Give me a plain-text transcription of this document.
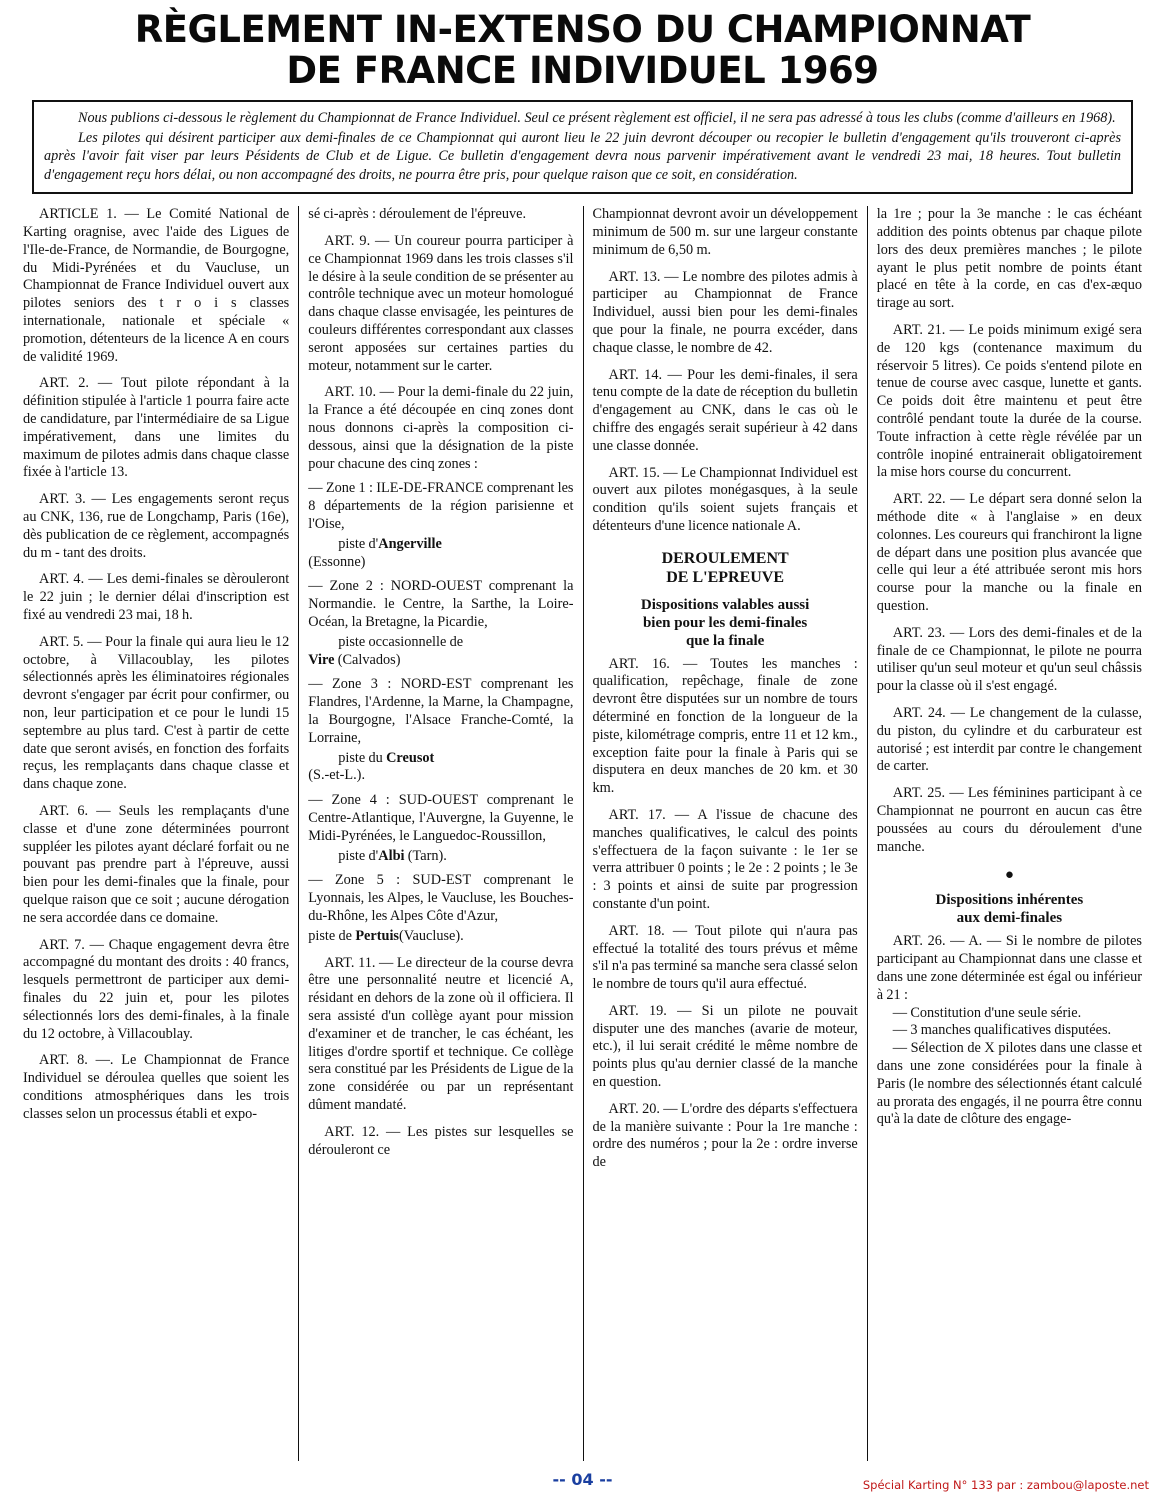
RÈGLEMENT IN-EXTENSO DU CHAMPIONNAT
DE FRANCE INDIVIDUEL 1969

Nous publions ci-dessous le règlement du Championnat de France Individuel. Seul ce présent règlement est officiel, il ne sera pas adressé à tous les clubs (comme d'ailleurs en 1968).

Les pilotes qui désirent participer aux demi-finales de ce Championnat qui auront lieu le 22 juin devront découper ou recopier le bulletin d'engagement qu'ils trouveront ci-après après l'avoir fait viser par leurs Pésidents de Club et de Ligue. Ce bulletin d'engagement devra nous parvenir impérativement avant le vendredi 23 mai, 18 heures. Tout bulletin d'engagement reçu hors délai, ou non accompagné des droits, ne pourra être pris, pour quelque raison que ce soit, en considération.

ARTICLE 1. — Le Comité National de Karting oragnise, avec l'aide des Ligues de l'Ile-de-France, de Normandie, de Bourgogne, du Midi-Pyrénées et du Vaucluse, un Championnat de France Individuel ouvert aux pilotes seniors des t r o i s classes internationale, nationale et spéciale « promotion, détenteurs de la licence A en cours de validité 1969.

ART. 2. — Tout pilote répondant à la définition stipulée à l'article 1 pourra faire acte de candidature, par l'intermédiaire de sa Ligue impérativement, dans une limites du maximum de pilotes admis dans chaque classe fixée à l'article 13.

ART. 3. — Les engagements seront reçus au CNK, 136, rue de Longchamp, Paris (16e), dès publication de ce règlement, accompagnés du m - tant des droits.

ART. 4. — Les demi-finales se dèrouleront le 22 juin ; le dernier délai d'inscription est fixé au vendredi 23 mai, 18 h.

ART. 5. — Pour la finale qui aura lieu le 12 octobre, à Villacoublay, les pilotes sélectionnés après les éliminatoires régionales devront s'engager par écrit pour confirmer, ou non, leur participation et ce pour le lundi 15 septembre au plus tard. C'est à partir de cette date que seront avisés, en fonction des forfaits reçus, les remplaçants dans chaque classe et dans chaque zone.

ART. 6. — Seuls les remplaçants d'une classe et d'une zone déterminées pourront suppléer les pilotes ayant déclaré forfait ou ne pouvant pas prendre part à l'épreuve, aussi bien pour les demi-finales que la finale, pour quelque raison que ce soit ; aucune dérogation ne sera accordée dans ce domaine.

ART. 7. — Chaque engagement devra être accompagné du montant des droits : 40 francs, lesquels permettront de participer aux demi-finales du 22 juin et, pour les pilotes sélectionnés lors des demi-finales, à la finale du 12 octobre, à Villacoublay.

ART. 8. —. Le Championnat de France Individuel se déroulea quelles que soient les conditions atmosphériques dans les trois classes selon un processus établi et expo-

sé ci-après : déroulement de l'épreuve.

ART. 9. — Un coureur pourra participer à ce Championnat 1969 dans les trois classes s'il le désire à la seule condition de se présenter au contrôle technique avec un moteur homologué dans chaque classe envisagée, les peintures de couleurs différentes correspondant aux classes seront apposées sur certaines parties du moteur, notamment sur le carter.

ART. 10. — Pour la demi-finale du 22 juin, la France a été découpée en cinq zones dont nous donnons ci-après la composition ci-dessous, ainsi que la désignation de la piste pour chacune des cinq zones :

— Zone 1 : ILE-DE-FRANCE comprenant les 8 départements de la région parisienne et l'Oise,

piste d'Angerville
(Essonne)

— Zone 2 : NORD-OUEST comprenant la Normandie. le Centre, la Sarthe, la Loire-Océan, la Bretagne, la Picardie,

piste occasionnelle de
Vire (Calvados)

— Zone 3 : NORD-EST comprenant les Flandres, l'Ardenne, la Marne, la Champagne, la Bourgogne, l'Alsace Franche-Comté, la Lorraine,

piste du Creusot
(S.-et-L.).

— Zone 4 : SUD-OUEST comprenant le Centre-Atlantique, l'Auvergne, la Guyenne, le Midi-Pyrénées, le Languedoc-Roussillon,

piste d'Albi (Tarn).

— Zone 5 : SUD-EST comprenant le Lyonnais, les Alpes, le Vaucluse, les Bouches-du-Rhône, les Alpes Côte d'Azur,

piste de Pertuis(Vaucluse).

ART. 11. — Le directeur de la course devra être une personnalité neutre et licencié A, résidant en dehors de la zone où il officiera. Il sera assisté d'un collège ayant pour mission d'examiner et de trancher, le cas échéant, les litiges d'ordre sportif et technique. Ce collège sera constitué par les Présidents de Ligue de la zone considérée ou par un représentant dûment mandaté.

ART. 12. — Les pistes sur lesquelles se dérouleront ce

Championnat devront avoir un développement minimum de 500 m. sur une largeur constante minimum de 6,50 m.

ART. 13. — Le nombre des pilotes admis à participer au Championnat de France Individuel, aussi bien pour les demi-finales que pour la finale, ne pourra excéder, dans chaque classe, le nombre de 42.

ART. 14. — Pour les demi-finales, il sera tenu compte de la date de réception du bulletin d'engagement au CNK, dans le cas où le chiffre des engagés serait supérieur à 42 dans une classe donnée.

ART. 15. — Le Championnat Individuel est ouvert aux pilotes monégasques, à la seule condition qu'ils soient sujets français et détenteurs d'une licence nationale A.

DEROULEMENT
DE L'EPREUVE
Dispositions valables aussi
bien pour les demi-finales
que la finale

ART. 16. — Toutes les manches : qualification, repêchage, finale de zone devront être disputées sur un nombre de tours déterminé en fonction de la longueur de la piste, kilométrage compris, entre 11 et 12 km., exception faite pour la finale à Paris qui se disputera en deux manches de 20 km. et 30 km.

ART. 17. — A l'issue de chacune des manches qualificatives, le calcul des points s'effectuera de la façon suivante : le 1er se verra attribuer 0 points ; le 2e : 2 points ; le 3e : 3 points et ainsi de suite par progression constante d'un point.

ART. 18. — Tout pilote qui n'aura pas effectué la totalité des tours prévus et même s'il n'a pas terminé sa manche sera classé selon le nombre de tours qu'il aura effectué.

ART. 19. — Si un pilote ne pouvait disputer une des manches (avarie de moteur, etc.), il lui serait crédité le même nombre de points plus qu'au dernier classé de la manche en question.

ART. 20. — L'ordre des départs s'effectuera de la manière suivante : Pour la 1re manche : ordre des numéros ; pour la 2e : ordre inverse de

la 1re ; pour la 3e manche : le cas échéant addition des points obtenus par chaque pilote lors des deux premières manches ; le pilote ayant le plus petit nombre de points étant placé en tête à la corde, en cas d'ex-æquo tirage au sort.

ART. 21. — Le poids minimum exigé sera de 120 kgs (contenance maximum du réservoir 5 litres). Ce poids s'entend pilote en tenue de course avec casque, lunette et gants. Ce poids doit être maintenu et peut être contrôlé pendant toute la durée de la course. Toute infraction à cette règle révélée par un contrôle inopiné entrainerait obligatoirement la mise hors course du concurrent.

ART. 22. — Le départ sera donné selon la méthode dite « à l'anglaise » en deux colonnes. Les coureurs qui franchiront la ligne de départ dans une position plus avancée que celle qui leur a été attribuée seront mis hors course pour la manche ou la finale en question.

ART. 23. — Lors des demi-finales et de la finale de ce Championnat, le pilote ne pourra utiliser qu'un seul moteur et qu'un seul châssis pour la classe où il s'est engagé.

ART. 24. — Le changement de la culasse, du piston, du cylindre et du carburateur est autorisé ; est interdit par contre le changement de carter.

ART. 25. — Les féminines participant à ce Championnat ne pourront en aucun cas être poussées au cours du déroulement d'une manche.

●
Dispositions inhérentes
aux demi-finales

ART. 26. — A. — Si le nombre de pilotes participant au Championnat dans une classe et dans une zone déterminée est égal ou inférieur à 21 :

— Constitution d'une seule série.

— 3 manches qualificatives disputées.

— Sélection de X pilotes dans une classe et dans une zone considérées pour la finale à Paris (le nombre des sélectionnés étant calculé au prorata des engagés, il ne pourra être connu qu'à la date de clôture des engage-

-- 04 --	Spécial Karting N° 133 par : zambou@laposte.net
